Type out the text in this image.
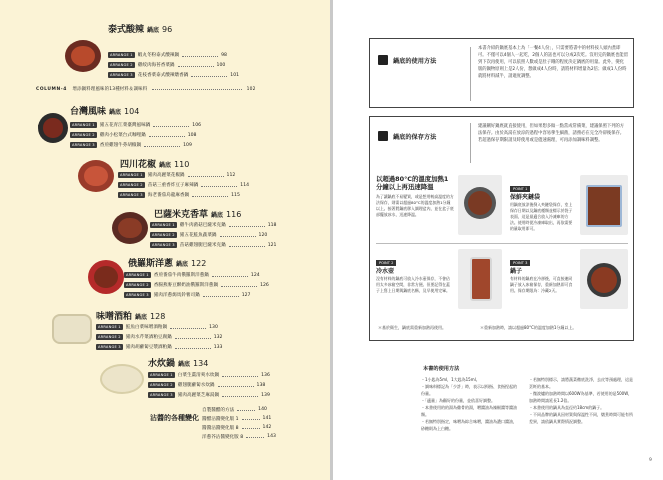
COLUMN-4 增添鍋料理風味的13種材料＆調味料	102
泰式酸辣 鍋底 96
ARRANGE 1	蝦丸冬粉泰式酸辣鍋	98
ARRANGE 2	雞絞肉海苔香菜鍋	100
ARRANGE 3	花枝香菜泰式酸辣燉香鍋	101
台灣風味 鍋底 104
ARRANGE 1	豬五花青江菜臺灣風味鍋	106
ARRANGE 2	雞肉小松菜台式咖哩鍋	108
ARRANGE 3	香煎雞翅牛蒡胡椒鍋	109
四川花椒 鍋底 110
ARRANGE 1	豬肉高麗菜花椒鍋	112
ARRANGE 2	苗菇三重香炸豆子麻辣鍋	114
ARRANGE 3	海老番茄烏龍麻香鍋	115
巴薩米克香草 鍋底 116
ARRANGE 1	雞牛肉菌菇巴薩米克鍋	118
ARRANGE 2	豬五花鮭魚蔬菜鍋	120
ARRANGE 3	苗菇雞翅腿巴薩米克鍋	121
俄羅斯洋蔥 鍋底 122
ARRANGE 1	香煎番茄牛肉俄羅斯洋蔥鍋	124
ARRANGE 2	香腸燕麥豆酥奶油俄羅斯洋蔥鍋	126
ARRANGE 3	豬肉洋蔥焗馬鈴薯司鍋	127
味噌酒粕 鍋底 128
ARRANGE 1	鮭魚白菜味噌酒粕鍋	130
ARRANGE 2	豬肉水芹菜酒粕豆腐鍋	132
ARRANGE 3	豬肉胡蘿蔔豆漿酒粕鍋	133
水炊鍋 鍋底 134
ARRANGE 1	白菜生薑清爽水炊鍋	136
ARRANGE 2	雞翅腿蘿蔔水炊鍋	138
ARRANGE 3	豬肉高麗菜芝麻湯鍋	139
沾醬的各種變化
自製醬醋的方法	140
醬醋沾醬變化版 1	141
醬醬沾醬變化版 8	142
洋蔥芥沾醬變化版 8	143
鍋底的使用方法
本書介紹的鍋底基本上為「一餐4人份」，只需要將書中的材料按人頭內煮即可。不僅可以4個人一起吃，2個人的話也可以分成2次吃。沒用完的鍋底也能留到下次再使用，可以依照人數或是肚子餓的程度決定鍋底的用量。此外，變化版的鍋物原則上是2人份，想做成4人份時，請將材料增量為2倍；做成1人份時就將材料減半，請適度調整。
鍋底的保存方法
建議剛好鍋底就直接使用，但如果想多做一點當成常備菜，建議保照下列的方法保存。由於高湯在放涼的過程中容易孳生細菌，請務必在完全冷卻後保存。若超過保存期限請及時使用或是儘速處理，可再添加調味料調整。
以超過80°C的溫度加熱1分鐘以上再迅速降溫
為了讓鍋底不易變質，或是想用較高溫度的方法保存，則需以超過80°C的溫度加熱1分鐘以上。接著將鍋底移入調理盆內，並在盆子底部擺放冰水，迅速降溫。
POINT 1
保鮮夾鏈袋
用鍋底放涼後倒入夾鏈袋保存，室上保存日期以及鍋底種類並標示於袋子表面，這是最適合放入冷凍庫的方法。使用時從冷凍庫取出，再依需要的量取用即可。
POINT 2
冷水壺
沒有材料的鍋底可放入冷水壺保存，不會佔用太多冰箱空間，非常方便。但要記得在蓋子上寫上日期與鍋底名稱，及早使用完畢。
POINT 3
鍋子
有材料的鍋底在冷卻後，可直接連同鍋子放入冰箱保存，重新加熱即可食用。保存期限為：冷藏2天。
＊基於衛生，鍋底需重新加熱再使用。	＊重新加熱時，請以超過80°C的溫度加熱1分鐘以上。
本書的使用方法
・1小匙為5ml，1大匙為15ml。
・調味料標記為「少許」時，表示以拇指、食指捏起的份量。
・「適量」為顧好的份量，並依喜好調整。
・本書使用的的湯為雞骨的湯，噌醬油為辣椒醬等醬油類。
・若無特別指定，味噌為綜合味噌，醬油為濃口醬油，砂糖則為上白糖。
・若無特別標示，請將蔬菜徹底洗淨，去皮等預處理，這是烹飪的基本。
・微波爐的加熱時間以600W為基準，若使用的是500W，加熱時間請延長1.2倍。
・本書使用的鍋具為直徑約18cm的鍋子。
・不同品牌的鍋具因材質與保溫性不同，燉煮時間可能有所差異，請依鍋具實際情況調整。
9
